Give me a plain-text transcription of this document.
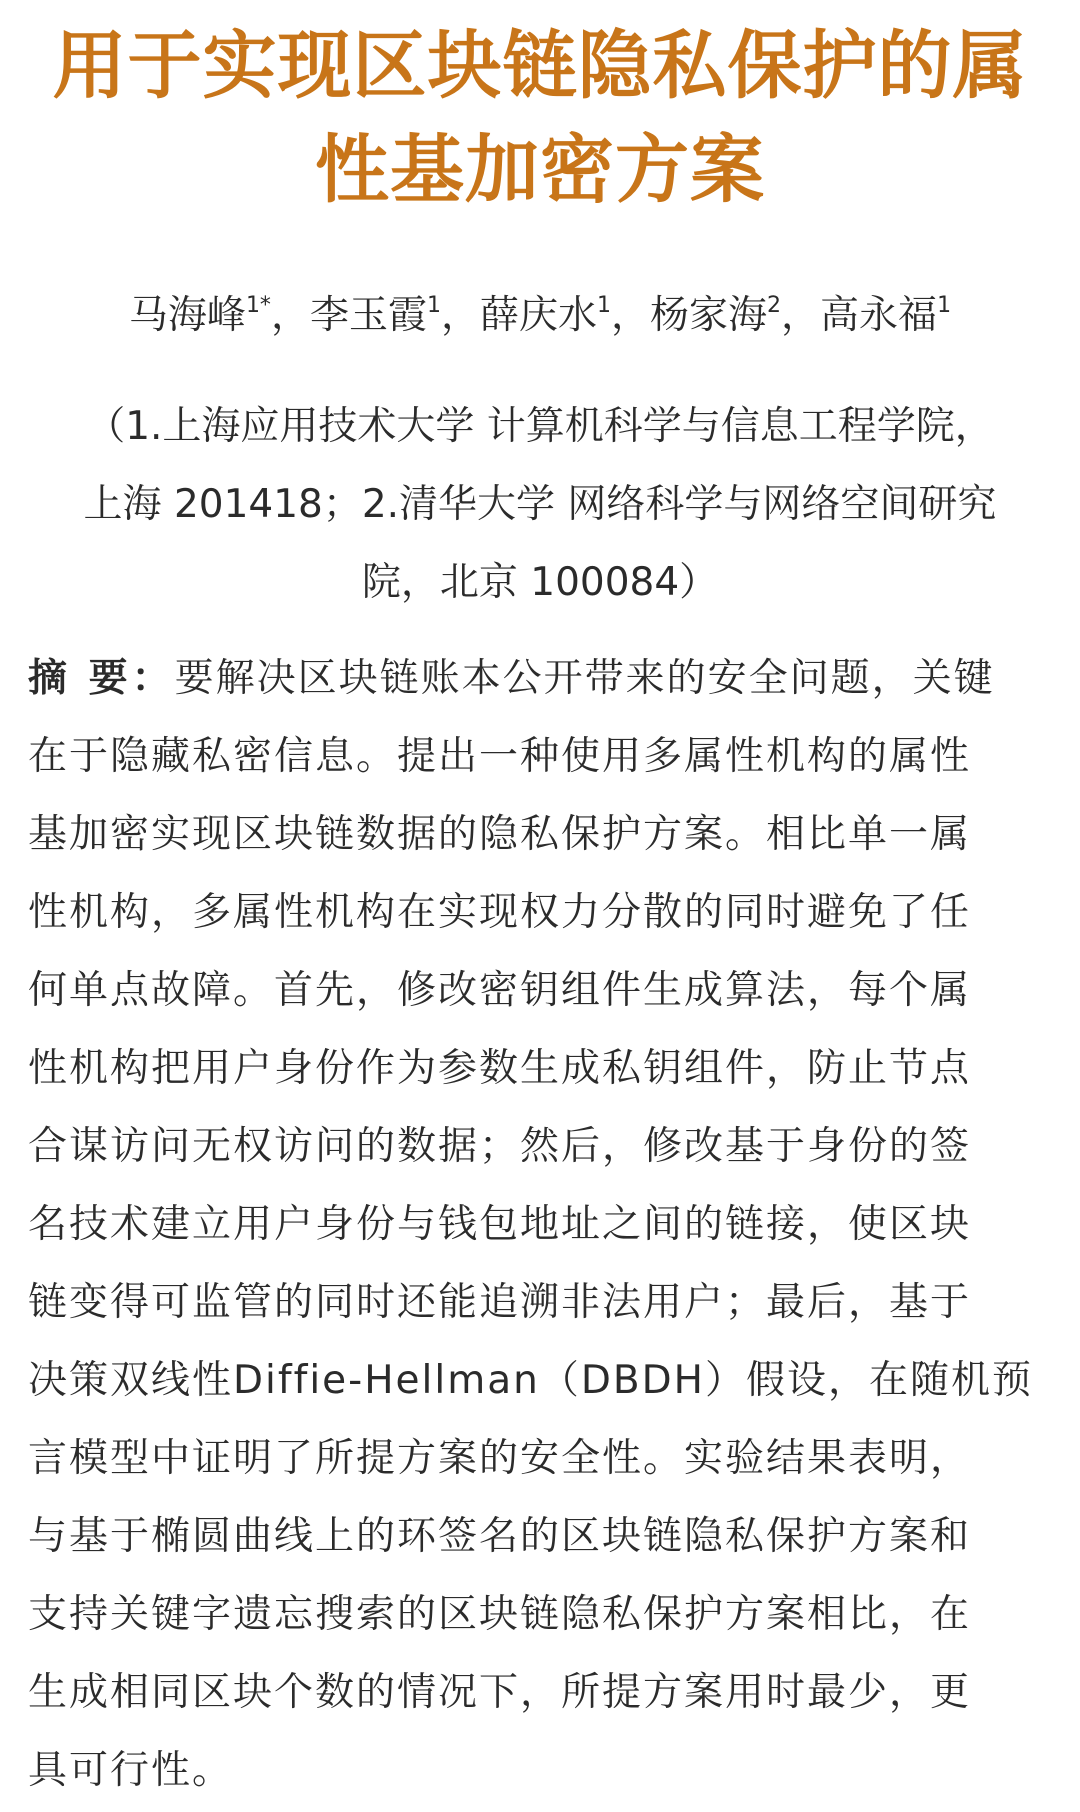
用于实现区块链隐私保护的属
性基加密方案
马海峰$^{1*}$，李玉霞$^1$，薛庆水$^1$，杨家海$^2$，高永福$^1$
（1.上海应用技术大学 计算机科学与信息工程学院，
上海 201418；2.清华大学 网络科学与网络空间研究
院，北京 100084）
摘 要：要解决区块链账本公开带来的安全问题，关键
在于隐藏私密信息。提出一种使用多属性机构的属性
基加密实现区块链数据的隐私保护方案。相比单一属
性机构，多属性机构在实现权力分散的同时避免了任
何单点故障。首先，修改密钥组件生成算法，每个属
性机构把用户身份作为参数生成私钥组件，防止节点
合谋访问无权访问的数据；然后，修改基于身份的签
名技术建立用户身份与钱包地址之间的链接，使区块
链变得可监管的同时还能追溯非法用户；最后，基于
决策双线性Diffie-Hellman（DBDH）假设，在随机预
言模型中证明了所提方案的安全性。实验结果表明，
与基于椭圆曲线上的环签名的区块链隐私保护方案和
支持关键字遗忘搜索的区块链隐私保护方案相比，在
生成相同区块个数的情况下，所提方案用时最少，更
具可行性。
